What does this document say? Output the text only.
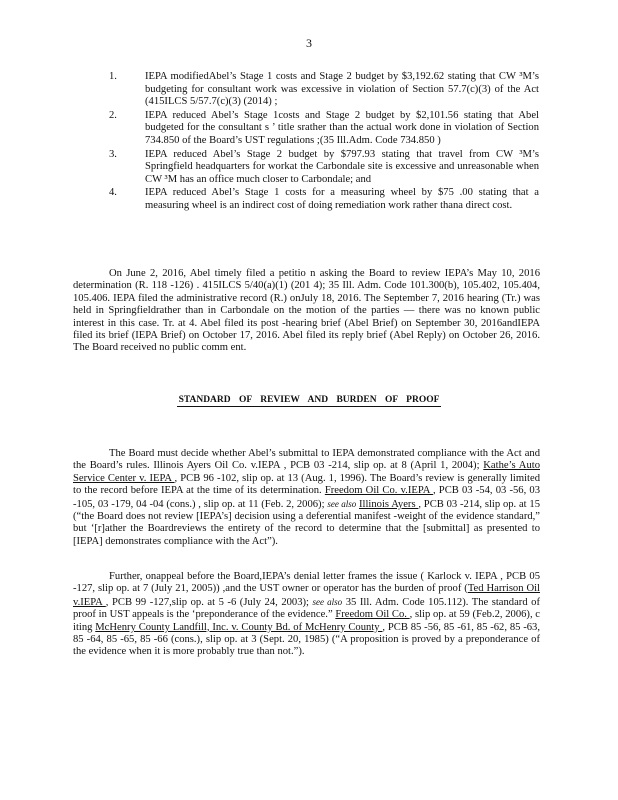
3
1.	IEPA modifiedAbel’s Stage 1 costs and Stage 2 budget by $3,192.62 stating that CW ³M’s budgeting for consultant work was excessive in violation of Section 57.7(c)(3) of the Act (415ILCS 5/57.7(c)(3) (2014) ;
2.	IEPA reduced Abel’s Stage 1costs and Stage 2 budget by $2,101.56 stating that Abel budgeted for the consultant s ’ title srather than the actual work done in violation of Section 734.850 of the Board’s UST regulations ;(35 Ill.Adm. Code 734.850 )
3.	IEPA reduced Abel’s Stage 2 budget by $797.93 stating that travel from CW ³M’s Springfield headquarters for workat the Carbondale site is excessive and unreasonable when CW ³M has an office much closer to Carbondale; and
4.	IEPA reduced Abel’s Stage 1 costs for a measuring wheel by $75 .00 stating that a measuring wheel is an indirect cost of doing remediation work rather thana direct cost.

On June 2, 2016, Abel timely filed a petitio n asking the Board to review IEPA’s May 10, 2016 determination (R. 118 -126) . 415ILCS 5/40(a)(1) (201 4); 35 Ill. Adm. Code 101.300(b), 105.402, 105.404, 105.406. IEPA filed the administrative record (R.) onJuly 18, 2016. The September 7, 2016 hearing (Tr.) was held in Springfieldrather than in Carbondale on the motion of the parties — there was no known public interest in this case. Tr. at 4. Abel filed its post -hearing brief (Abel Brief) on September 30, 2016andIEPA filed its brief (IEPA Brief) on October 17, 2016. Abel filed its reply brief (Abel Reply) on October 26, 2016. The Board received no public comm ent.

STANDARD OF REVIEW AND BURDEN OF PROOF

The Board must decide whether Abel’s submittal to IEPA demonstrated compliance with the Act and the Board’s rules. Illinois Ayers Oil Co. v.IEPA , PCB 03 -214, slip op. at 8 (April 1, 2004); Kathe’s Auto Service Center v. IEPA , PCB 96 -102, slip op. at 13 (Aug. 1, 1996). The Board’s review is generally limited to the record before IEPA at the time of its determination. Freedom Oil Co. v.IEPA , PCB 03 -54, 03 -56, 03 -105, 03 -179, 04 -04 (cons.) , slip op. at 11 (Feb. 2, 2006); see also Illinois Ayers , PCB 03 -214, slip op. at 15 (“the Board does not review [IEPA’s] decision using a deferential manifest -weight of the evidence standard,” but ‘[r]ather the Boardreviews the entirety of the record to determine that the [submittal] as presented to [IEPA] demonstrates compliance with the Act”).

Further, onappeal before the Board,IEPA’s denial letter frames the issue ( Karlock v. IEPA , PCB 05 -127, slip op. at 7 (July 21, 2005)) ,and the UST owner or operator has the burden of proof (Ted Harrison Oil v.IEPA , PCB 99 -127,slip op. at 5 -6 (July 24, 2003); see also 35 Ill. Adm. Code 105.112). The standard of proof in UST appeals is the ‘preponderance of the evidence.” Freedom Oil Co. , slip op. at 59 (Feb.2, 2006), c iting McHenry County Landfill, Inc. v. County Bd. of McHenry County , PCB 85 -56, 85 -61, 85 -62, 85 -63, 85 -64, 85 -65, 85 -66 (cons.), slip op. at 3 (Sept. 20, 1985) (“A proposition is proved by a preponderance of the evidence when it is more probably true than not.”).
